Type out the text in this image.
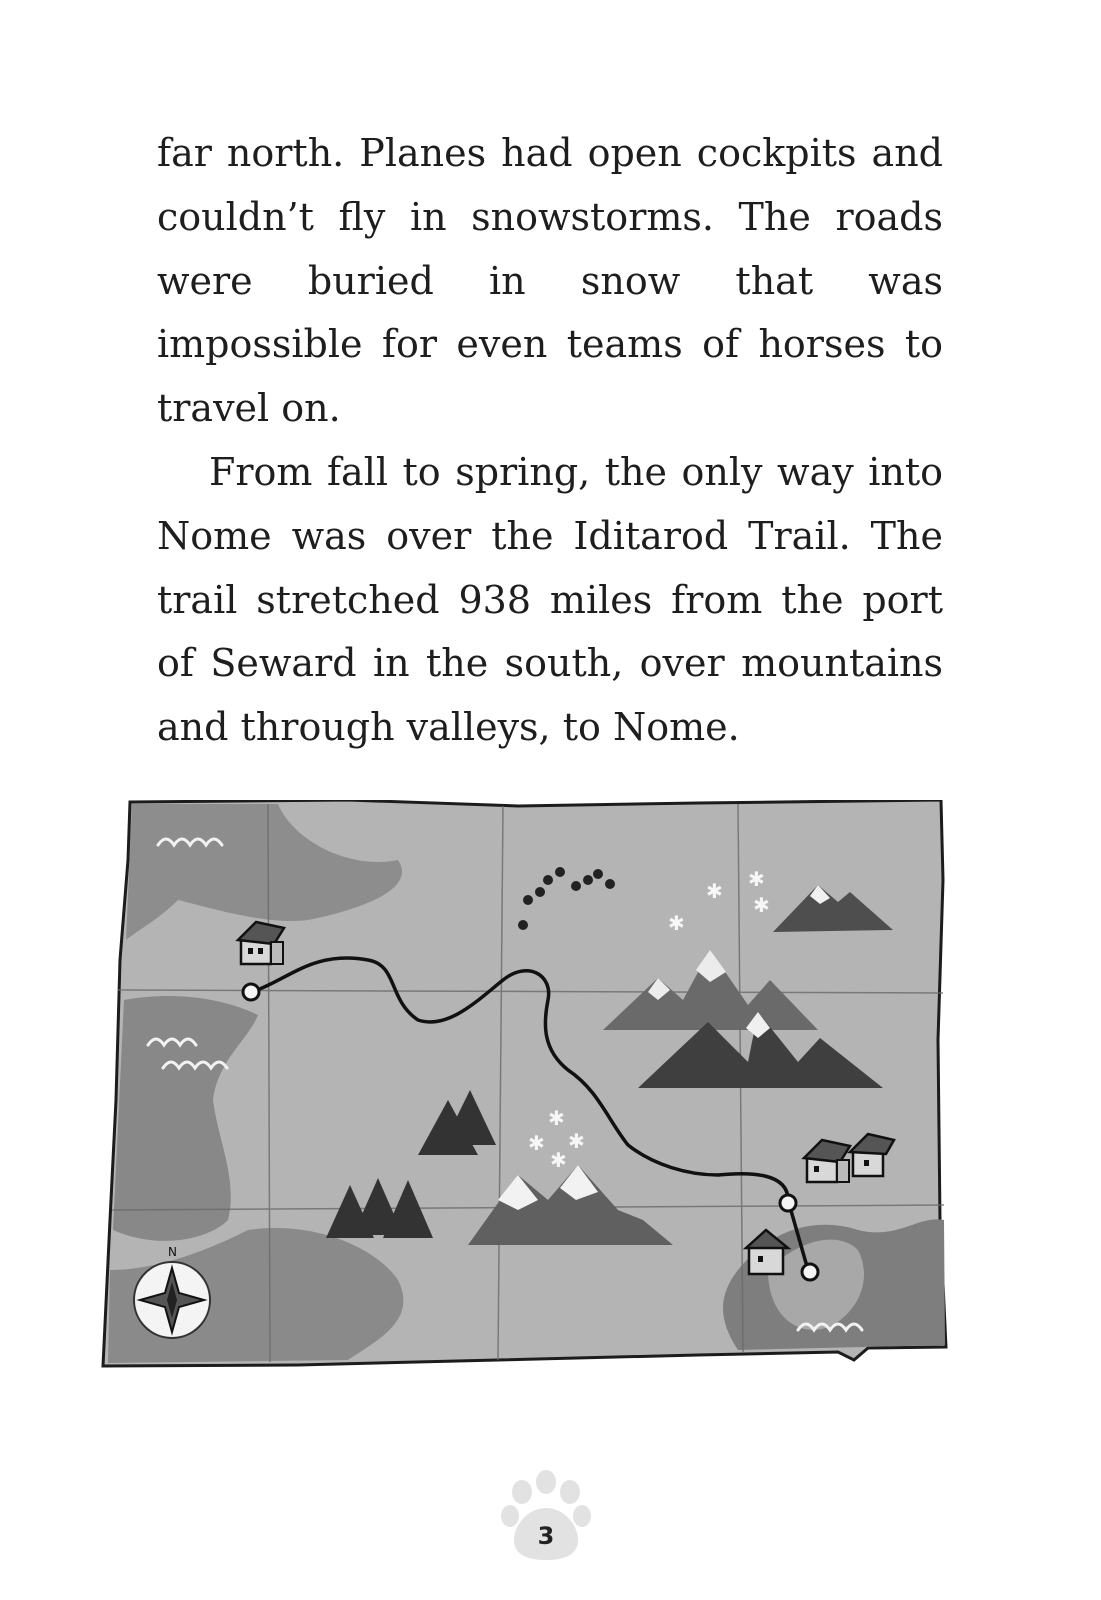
far north. Planes had open cockpits and couldn’t fly in snowstorms. The roads were buried in snow that was impossible for even teams of horses to travel on.

From fall to spring, the only way into Nome was over the Iditarod Trail. The trail stretched 938 miles from the port of Seward in the south, over mountains and through valleys, to Nome.

✱ ✱
✱
✱
✱
✱
✱
✱
N
3
